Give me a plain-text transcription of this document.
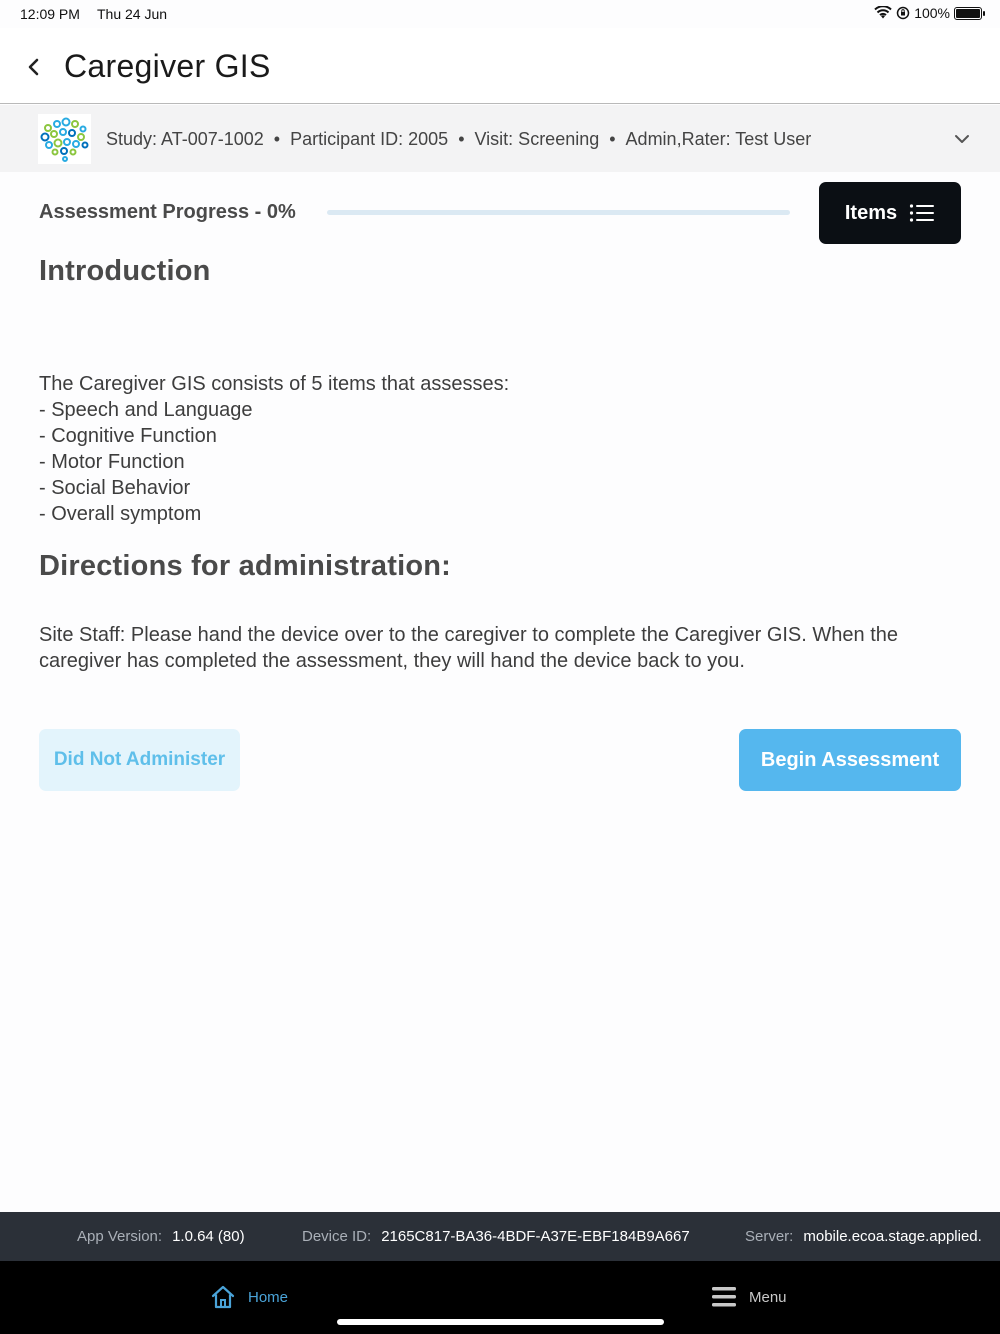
12:09 PM Thu 24 Jun	100%
Caregiver GIS
Study: AT-007-1002 • Participant ID: 2005 • Visit: Screening • Admin,Rater: Test User
Assessment Progress - 0%	Items
Introduction
The Caregiver GIS consists of 5 items that assesses:
- Speech and Language
- Cognitive Function
- Motor Function
- Social Behavior
- Overall symptom
Directions for administration:
Site Staff: Please hand the device over to the caregiver to complete the Caregiver GIS. When the caregiver has completed the assessment, they will hand the device back to you.
Did Not Administer	Begin Assessment
App Version: 1.0.64 (80)	Device ID: 2165C817-BA36-4BDF-A37E-EBF184B9A667	Server: mobile.ecoa.stage.applied.
Home	Menu
